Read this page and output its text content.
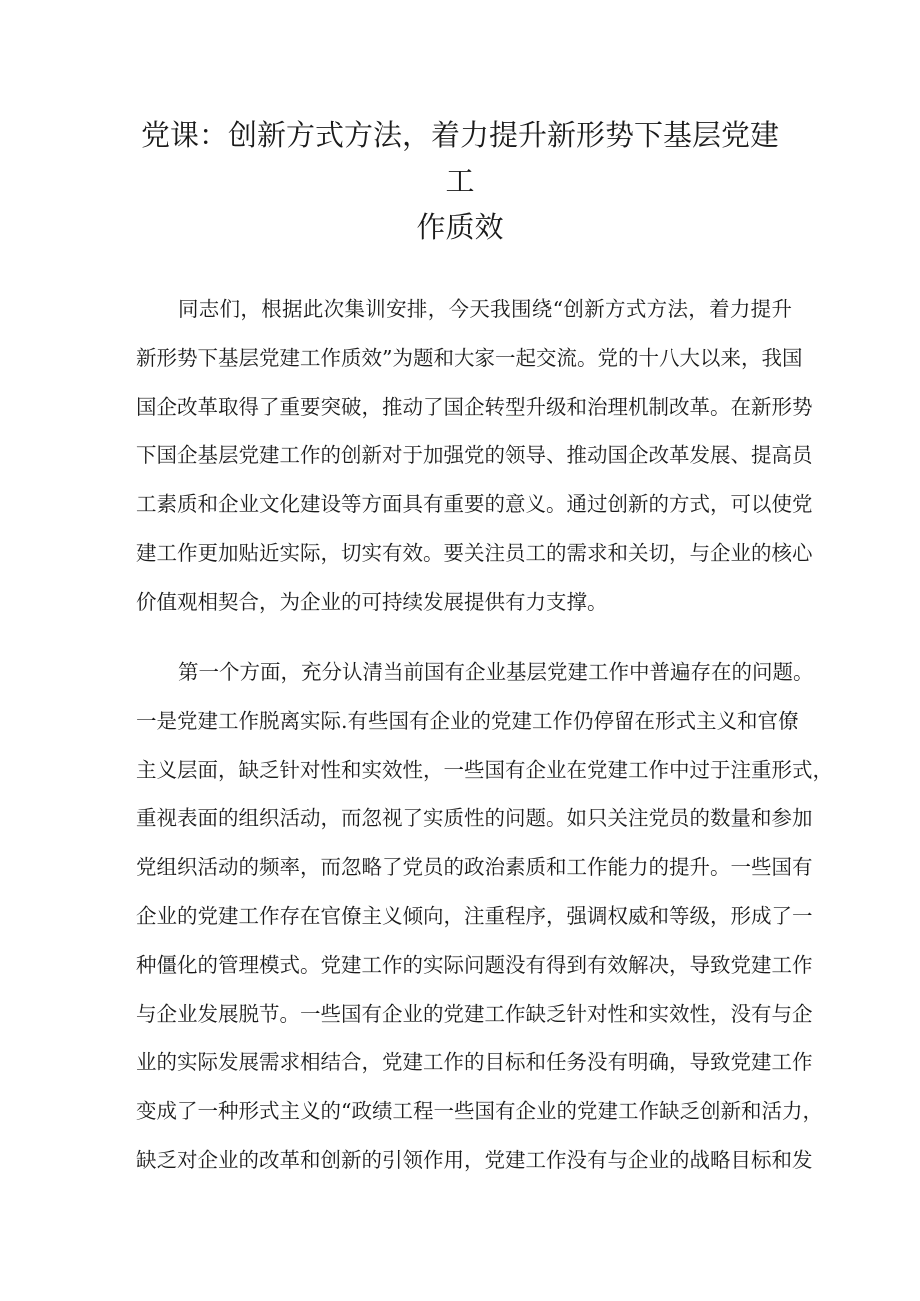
党课：创新方式方法，着力提升新形势下基层党建工
作质效
同志们，根据此次集训安排，今天我围绕“创新方式方法，着力提升
新形势下基层党建工作质效”为题和大家一起交流。党的十八大以来，我国
国企改革取得了重要突破，推动了国企转型升级和治理机制改革。在新形势
下国企基层党建工作的创新对于加强党的领导、推动国企改革发展、提高员
工素质和企业文化建设等方面具有重要的意义。通过创新的方式，可以使党
建工作更加贴近实际，切实有效。要关注员工的需求和关切，与企业的核心
价值观相契合，为企业的可持续发展提供有力支撑。
第一个方面，充分认清当前国有企业基层党建工作中普遍存在的问题。
一是党建工作脱离实际.有些国有企业的党建工作仍停留在形式主义和官僚
主义层面，缺乏针对性和实效性，一些国有企业在党建工作中过于注重形式，
重视表面的组织活动，而忽视了实质性的问题。如只关注党员的数量和参加
党组织活动的频率，而忽略了党员的政治素质和工作能力的提升。一些国有
企业的党建工作存在官僚主义倾向，注重程序，强调权威和等级，形成了一
种僵化的管理模式。党建工作的实际问题没有得到有效解决，导致党建工作
与企业发展脱节。一些国有企业的党建工作缺乏针对性和实效性，没有与企
业的实际发展需求相结合，党建工作的目标和任务没有明确，导致党建工作
变成了一种形式主义的“政绩工程一些国有企业的党建工作缺乏创新和活力，
缺乏对企业的改革和创新的引领作用，党建工作没有与企业的战略目标和发
